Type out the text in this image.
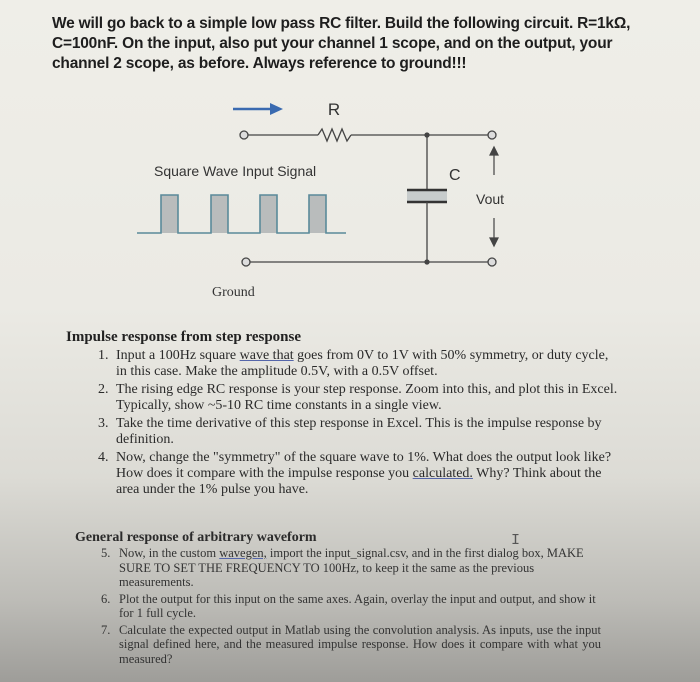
We will go back to a simple low pass RC filter. Build the following circuit. R=1kΩ,
C=100nF. On the input, also put your channel 1 scope, and on the output, your
channel 2 scope, as before. Always reference to ground!!!
R
C
Vout
Square Wave Input Signal
Ground
Impulse response from step response
1. Input a 100Hz square wave that goes from 0V to 1V with 50% symmetry, or duty cycle, in this case. Make the amplitude 0.5V, with a 0.5V offset.
2. The rising edge RC response is your step response. Zoom into this, and plot this in Excel. Typically, show ~5-10 RC time constants in a single view.
3. Take the time derivative of this step response in Excel. This is the impulse response by definition.
4. Now, change the "symmetry" of the square wave to 1%. What does the output look like? How does it compare with the impulse response you calculated. Why? Think about the area under the 1% pulse you have.
General response of arbitrary waveform
5. Now, in the custom wavegen, import the input_signal.csv, and in the first dialog box, MAKE SURE TO SET THE FREQUENCY TO 100Hz, to keep it the same as the previous measurements.
6. Plot the output for this input on the same axes. Again, overlay the input and output, and show it for 1 full cycle.
7. Calculate the expected output in Matlab using the convolution analysis. As inputs, use the input signal defined here, and the measured impulse response. How does it compare with what you measured?
I
